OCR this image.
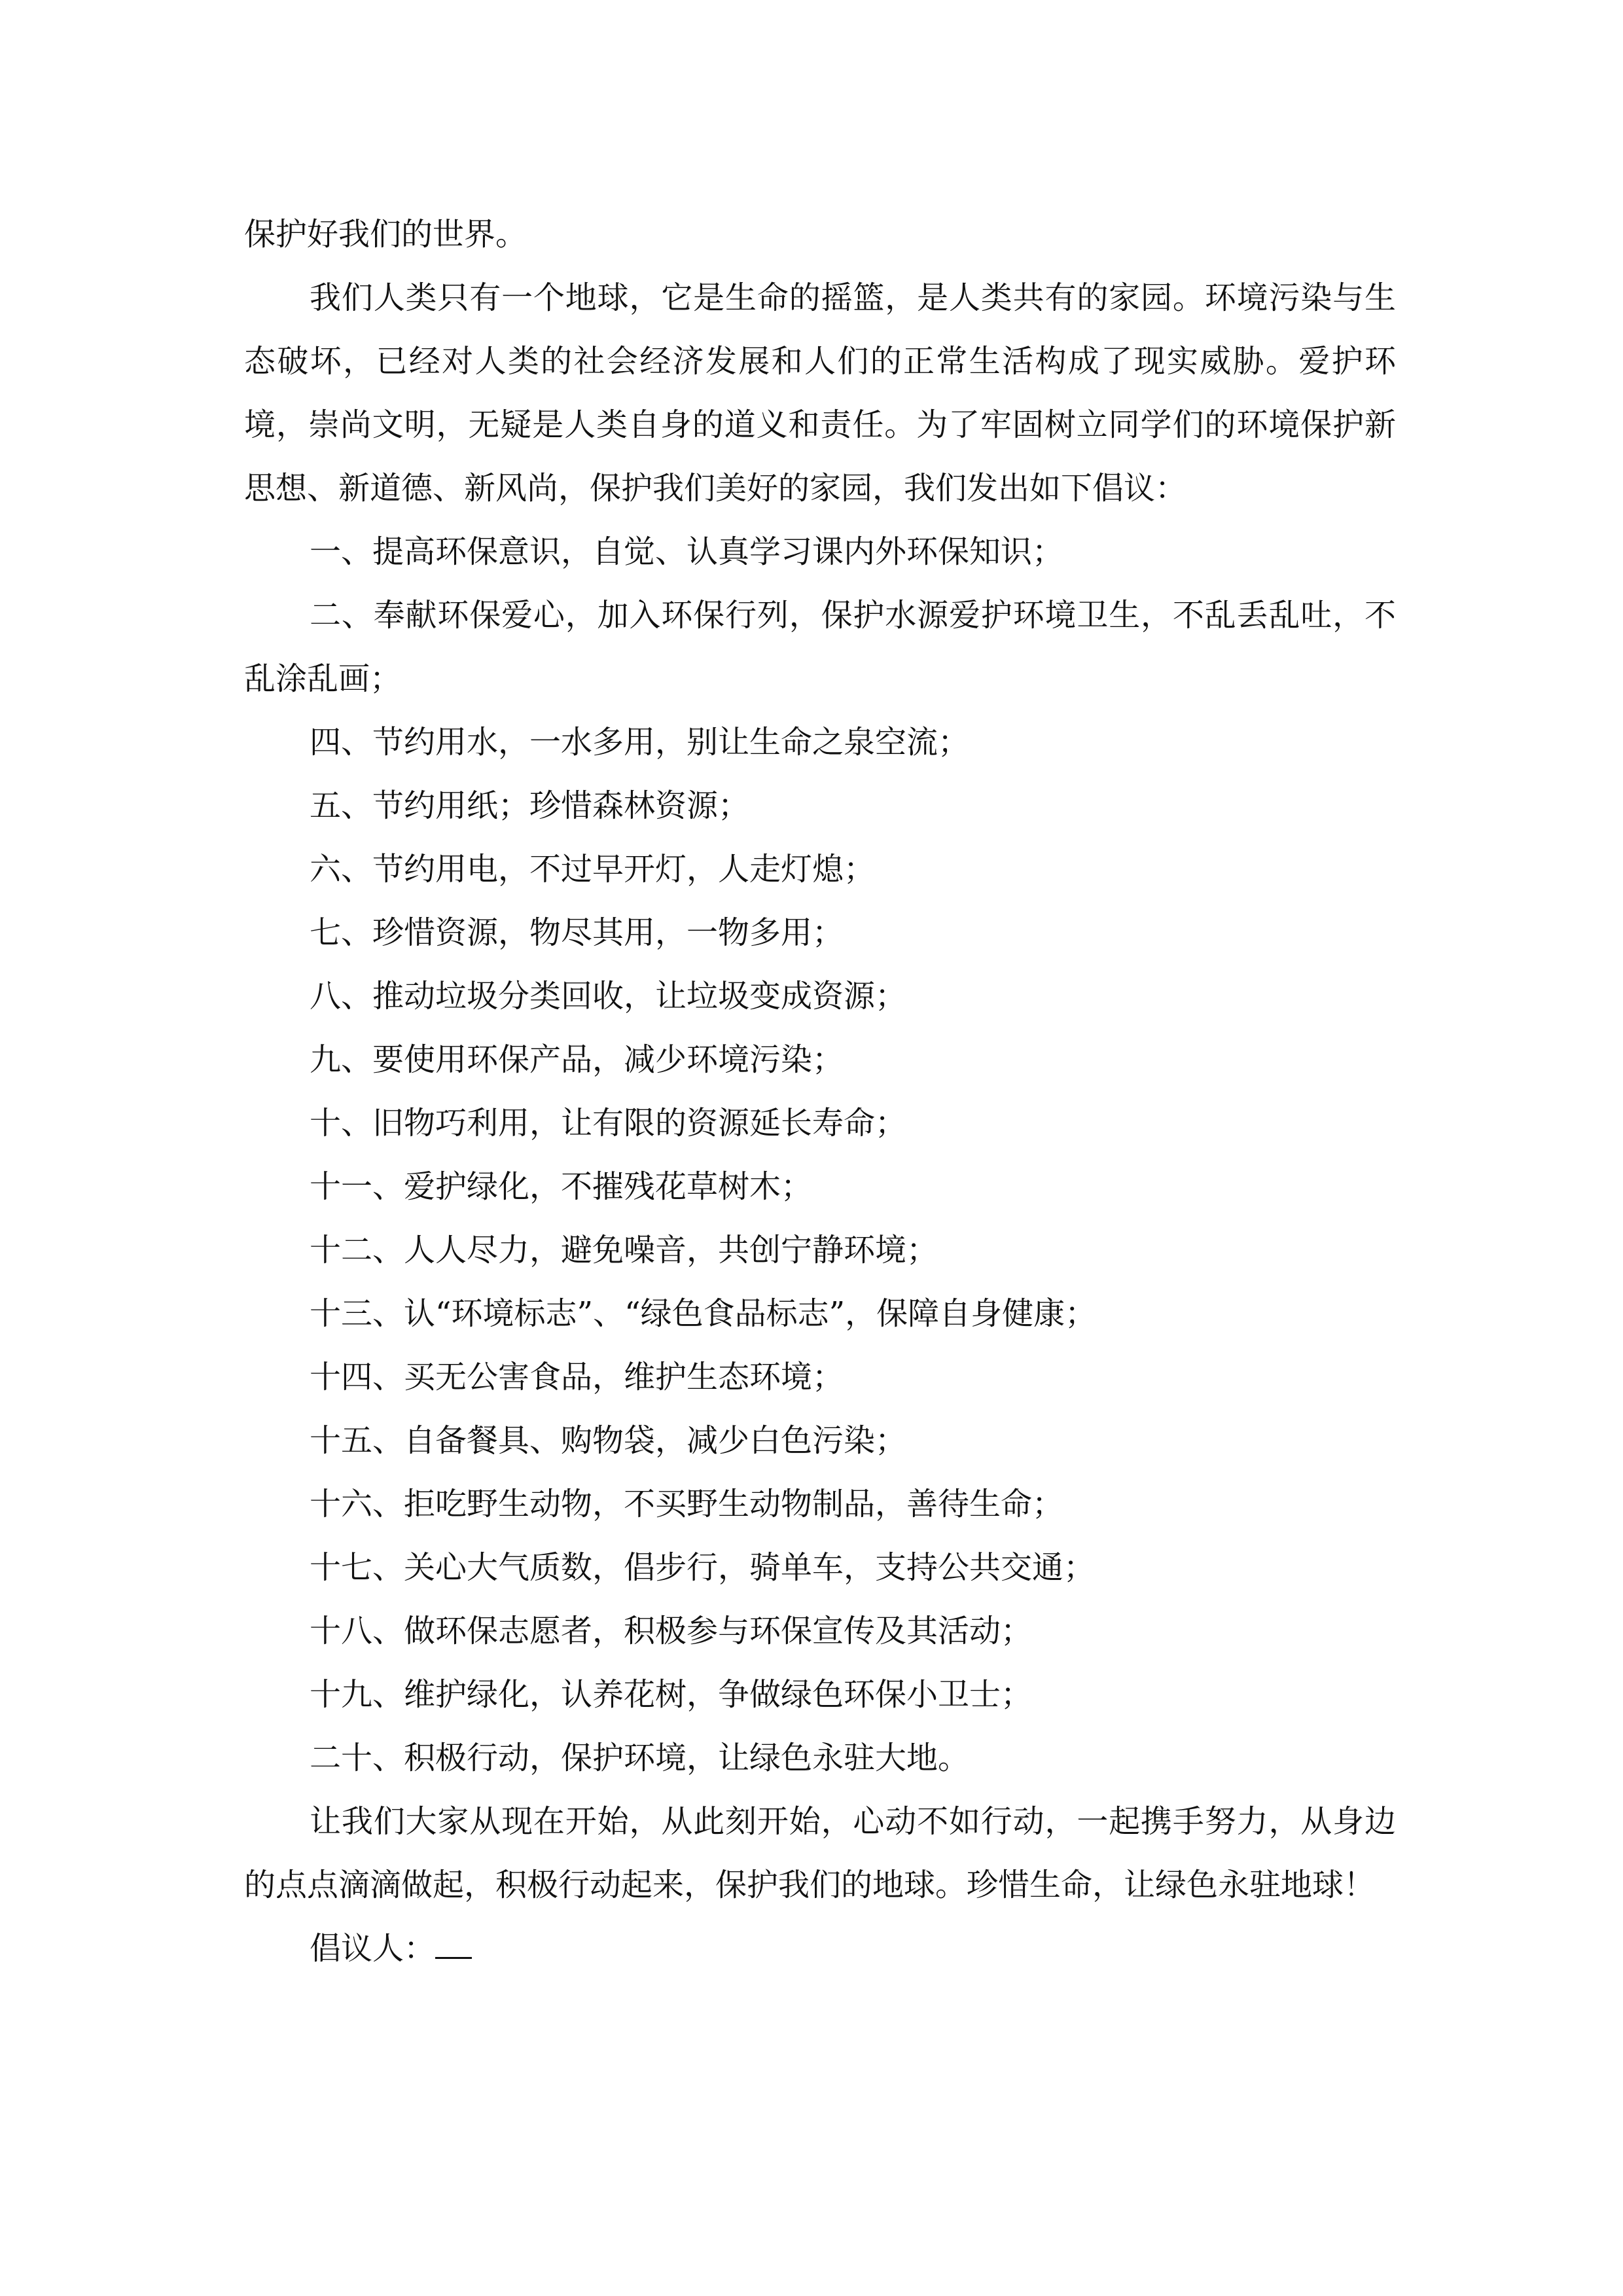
保护好我们的世界。

我们人类只有一个地球，它是生命的摇篮，是人类共有的家园。环境污染与生态破坏，已经对人类的社会经济发展和人们的正常生活构成了现实威胁。爱护环境，崇尚文明，无疑是人类自身的道义和责任。为了牢固树立同学们的环境保护新思想、新道德、新风尚，保护我们美好的家园，我们发出如下倡议：

一、提高环保意识，自觉、认真学习课内外环保知识；

二、奉献环保爱心，加入环保行列，保护水源爱护环境卫生，不乱丢乱吐，不乱涂乱画；

四、节约用水，一水多用，别让生命之泉空流；

五、节约用纸；珍惜森林资源；

六、节约用电，不过早开灯，人走灯熄；

七、珍惜资源，物尽其用，一物多用；

八、推动垃圾分类回收，让垃圾变成资源；

九、要使用环保产品，减少环境污染；

十、旧物巧利用，让有限的资源延长寿命；

十一、爱护绿化，不摧残花草树木；

十二、人人尽力，避免噪音，共创宁静环境；

十三、认“环境标志”、“绿色食品标志”，保障自身健康；

十四、买无公害食品，维护生态环境；

十五、自备餐具、购物袋，减少白色污染；

十六、拒吃野生动物，不买野生动物制品，善待生命；

十七、关心大气质数，倡步行，骑单车，支持公共交通；

十八、做环保志愿者，积极参与环保宣传及其活动；

十九、维护绿化，认养花树，争做绿色环保小卫士；

二十、积极行动，保护环境，让绿色永驻大地。

让我们大家从现在开始，从此刻开始，心动不如行动，一起携手努力，从身边的点点滴滴做起，积极行动起来，保护我们的地球。珍惜生命，让绿色永驻地球！

倡议人：
